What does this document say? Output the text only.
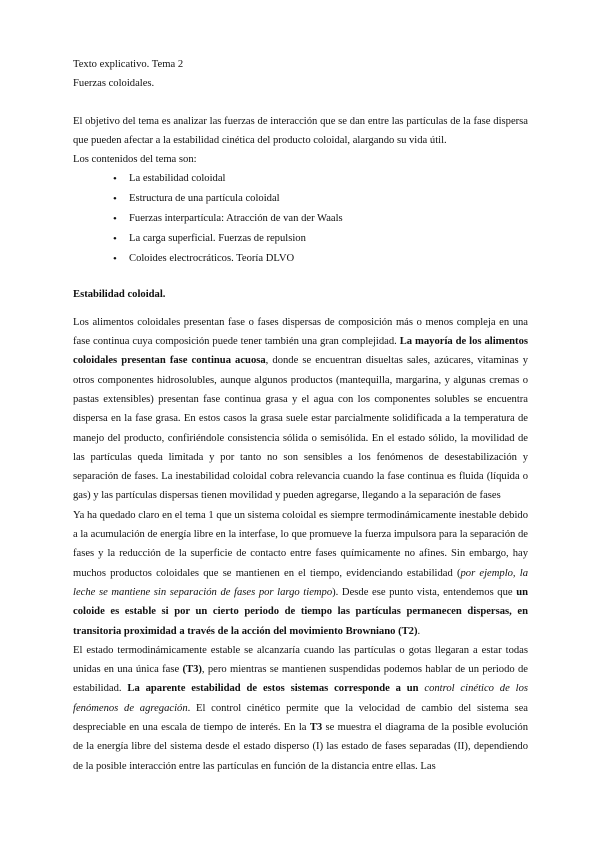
Texto explicativo. Tema 2

Fuerzas coloidales.

El objetivo del tema es analizar las fuerzas de interacción que se dan entre las partículas de la fase dispersa que pueden afectar a la estabilidad cinética del producto coloidal, alargando su vida útil.

Los contenidos del tema son:

• La estabilidad coloidal
• Estructura de una partícula coloidal
• Fuerzas interpartícula: Atracción de van der Waals
• La carga superficial. Fuerzas de repulsion
• Coloides electrocráticos. Teoría DLVO

Estabilidad coloidal.

Los alimentos coloidales presentan fase o fases dispersas de composición más o menos compleja en una fase continua cuya composición puede tener también una gran complejidad. La mayoría de los alimentos coloidales presentan fase continua acuosa, donde se encuentran disueltas sales, azúcares, vitaminas y otros componentes hidrosolubles, aunque algunos productos (mantequilla, margarina, y algunas cremas o pastas extensibles) presentan fase continua grasa y el agua con los componentes solubles se encuentra dispersa en la fase grasa. En estos casos la grasa suele estar parcialmente solidificada a la temperatura de manejo del producto, confiriéndole consistencia sólida o semisólida. En el estado sólido, la movilidad de las partículas queda limitada y por tanto no son sensibles a los fenómenos de desestabilización y separación de fases. La inestabilidad coloidal cobra relevancia cuando la fase continua es fluida (líquida o gas) y las partículas dispersas tienen movilidad y pueden agregarse, llegando a la separación de fases

Ya ha quedado claro en el tema 1 que un sistema coloidal es siempre termodinámicamente inestable debido a la acumulación de energía libre en la interfase, lo que promueve la fuerza impulsora para la separación de fases y la reducción de la superficie de contacto entre fases químicamente no afines. Sin embargo, hay muchos productos coloidales que se mantienen en el tiempo, evidenciando estabilidad (por ejemplo, la leche se mantiene sin separación de fases por largo tiempo). Desde ese punto vista, entendemos que un coloide es estable si por un cierto periodo de tiempo las partículas permanecen dispersas, en transitoria proximidad a través de la acción del movimiento Browniano (T2).

El estado termodinámicamente estable se alcanzaría cuando las partículas o gotas llegaran a estar todas unidas en una única fase (T3), pero mientras se mantienen suspendidas podemos hablar de un periodo de estabilidad. La aparente estabilidad de estos sistemas corresponde a un control cinético de los fenómenos de agregación. El control cinético permite que la velocidad de cambio del sistema sea despreciable en una escala de tiempo de interés. En la T3 se muestra el diagrama de la posible evolución de la energía libre del sistema desde el estado disperso (I) las estado de fases separadas (II), dependiendo de la posible interacción entre las partículas en función de la distancia entre ellas. Las
